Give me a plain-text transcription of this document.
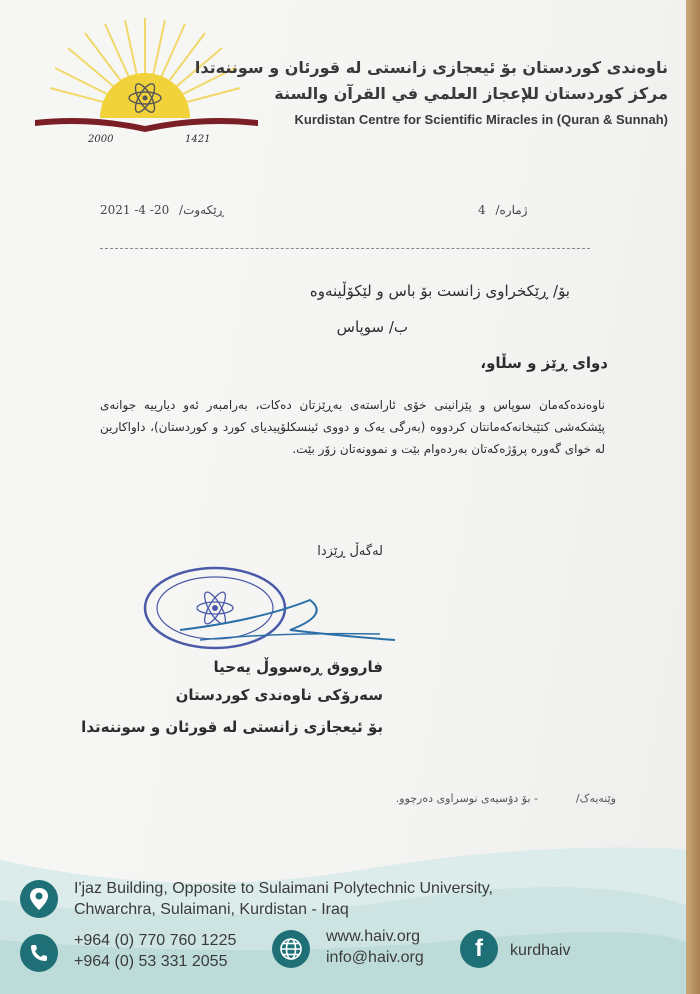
2000	1421
ناوەندی کوردستان بۆ ئیعجازی زانستی لە قورئان و سوننەتدا
مركز كوردستان للإعجاز العلمي في القرآن والسنة
Kurdistan Centre for Scientific Miracles in (Quran & Sunnah)
ژمارە/ 4
ڕێکەوت/ 20- 4- 2021
بۆ/ ڕێکخراوی زانست بۆ باس و لێکۆڵینەوە
ب/ سوپاس
دوای ڕێز و سڵاو،
ناوەندەکەمان سوپاس و پێزانینی خۆی ئاراستەی بەڕێزتان دەکات، بەرامبەر ئەو دیارییە جوانەی پێشکەشی کتێبخانەکەمانتان کردووە (بەرگی یەک و دووی ئینسکلۆپیدیای کورد و کوردستان)، داواکارین لە خوای گەورە پرۆژەکەتان بەردەوام بێت و نموونەتان زۆر بێت.
لەگەڵ ڕێزدا
فارووق ڕەسووڵ یەحیا
سەرۆکی ناوەندی کوردستان
بۆ ئیعجازی زانستی لە قورئان و سوننەتدا
وێنەیەک/
- بۆ دۆسیەی نوسراوی دەرچوو.
I'jaz Building, Opposite to Sulaimani Polytechnic University,
Chwarchra, Sulaimani, Kurdistan - Iraq
+964 (0) 770 760 1225
+964 (0) 53 331 2055
www.haiv.org
info@haiv.org f kurdhaiv
